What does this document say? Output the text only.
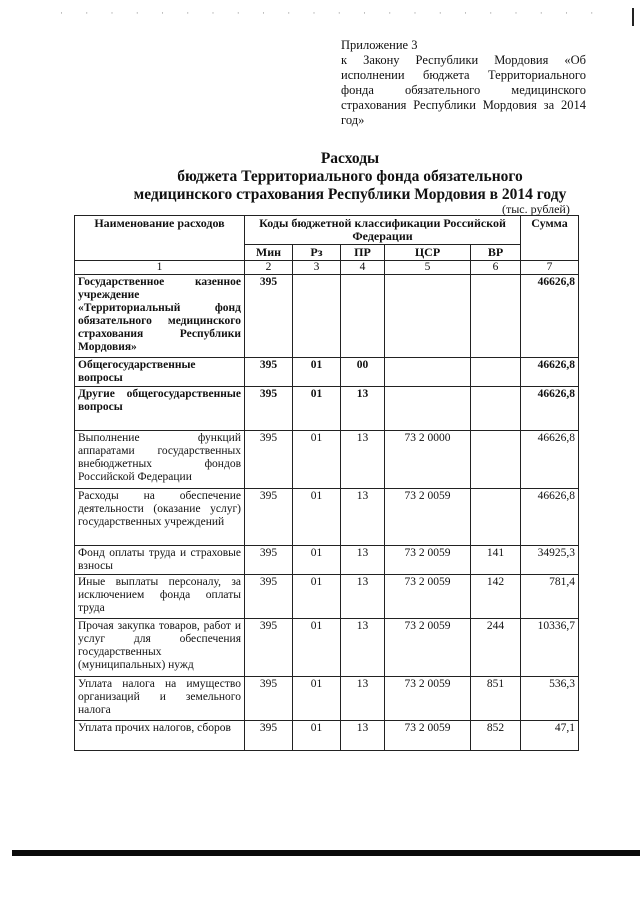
· · · · · · · · · · · · · · · · · · · · · ·
Приложение 3
к Закону Республики Мордовия «Об исполнении бюджета Территориального фонда обязательного медицинского страхования Республики Мордовия за 2014 год»
Расходы
бюджета Территориального фонда обязательного
медицинского страхования Республики Мордовия в 2014 году
(тыс. рублей)
Наименование расходов	Коды бюджетной классификации Российской Федерации					Сумма
	Мин	Рз	ПР	ЦСР	ВР	
1	2	3	4	5	6	7
Государственное казенное учреждение «Территориальный фонд обязательного медицинского страхования Республики Мордовия»	395					46626,8
Общегосударственные вопросы	395	01	00			46626,8
Другие общегосударственные вопросы	395	01	13			46626,8
Выполнение функций аппаратами государственных внебюджетных фондов Российской Федерации	395	01	13	73 2 0000		46626,8
Расходы на обеспечение деятельности (оказание услуг) государственных учреждений	395	01	13	73 2 0059		46626,8
Фонд оплаты труда и страховые взносы	395	01	13	73 2 0059	141	34925,3
Иные выплаты персоналу, за исключением фонда оплаты труда	395	01	13	73 2 0059	142	781,4
Прочая закупка товаров, работ и услуг для обеспечения государственных (муниципальных) нужд	395	01	13	73 2 0059	244	10336,7
Уплата налога на имущество организаций и земельного налога	395	01	13	73 2 0059	851	536,3
Уплата прочих налогов, сборов	395	01	13	73 2 0059	852	47,1
